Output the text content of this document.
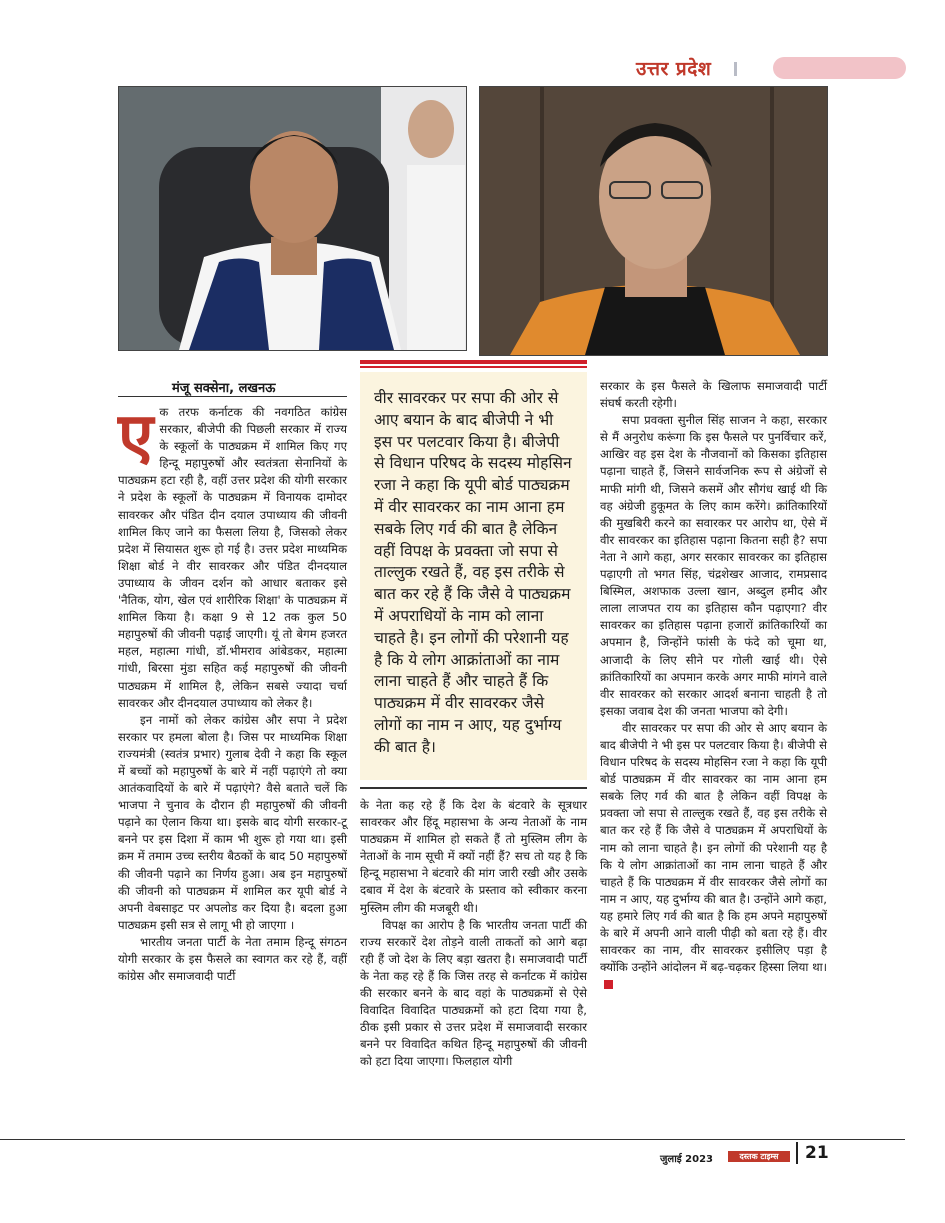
उत्तर प्रदेश
मंजू सक्सेना, लखनऊ

एक तरफ कर्नाटक की नवगठित कांग्रेस सरकार, बीजेपी की पिछली सरकार में राज्य के स्कूलों के पाठ्यक्रम में शामिल किए गए हिन्दू महापुरुषों और स्वतंत्रता सेनानियों के पाठ्यक्रम हटा रही है, वहीं उत्तर प्रदेश की योगी सरकार ने प्रदेश के स्कूलों के पाठ्यक्रम में विनायक दामोदर सावरकर और पंडित दीन दयाल उपाध्याय की जीवनी शामिल किए जाने का फैसला लिया है, जिसको लेकर प्रदेश में सियासत शुरू हो गई है। उत्तर प्रदेश माध्यमिक शिक्षा बोर्ड ने वीर सावरकर और पंडित दीनदयाल उपाध्याय के जीवन दर्शन को आधार बताकर इसे 'नैतिक, योग, खेल एवं शारीरिक शिक्षा' के पाठ्यक्रम में शामिल किया है। कक्षा 9 से 12 तक कुल 50 महापुरुषों की जीवनी पढ़ाई जाएगी। यूं तो बेगम हजरत महल, महात्मा गांधी, डॉ.भीमराव आंबेडकर, महात्मा गांधी, बिरसा मुंडा सहित कई महापुरुषों की जीवनी पाठ्यक्रम में शामिल है, लेकिन सबसे ज्यादा चर्चा सावरकर और दीनदयाल उपाध्याय को लेकर है।

इन नामों को लेकर कांग्रेस और सपा ने प्रदेश सरकार पर हमला बोला है। जिस पर माध्यमिक शिक्षा राज्यमंत्री (स्वतंत्र प्रभार) गुलाब देवी ने कहा कि स्कूल में बच्चों को महापुरुषों के बारे में नहीं पढ़ाएंगे तो क्या आतंकवादियों के बारे में पढ़ाएंगे? वैसे बताते चलें कि भाजपा ने चुनाव के दौरान ही महापुरुषों की जीवनी पढ़ाने का ऐलान किया था। इसके बाद योगी सरकार-टू बनने पर इस दिशा में काम भी शुरू हो गया था। इसी क्रम में तमाम उच्च स्तरीय बैठकों के बाद 50 महापुरुषों की जीवनी पढ़ाने का निर्णय हुआ। अब इन महापुरुषों की जीवनी को पाठ्यक्रम में शामिल कर यूपी बोर्ड ने अपनी वेबसाइट पर अपलोड कर दिया है। बदला हुआ पाठ्यक्रम इसी सत्र से लागू भी हो जाएगा ।

भारतीय जनता पार्टी के नेता तमाम हिन्दू संगठन योगी सरकार के इस फैसले का स्वागत कर रहे हैं, वहीं कांग्रेस और समाजवादी पार्टी

वीर सावरकर पर सपा की ओर से आए बयान के बाद बीजेपी ने भी इस पर पलटवार किया है। बीजेपी से विधान परिषद के सदस्य मोहसिन रजा ने कहा कि यूपी बोर्ड पाठ्यक्रम में वीर सावरकर का नाम आना हम सबके लिए गर्व की बात है लेकिन वहीं विपक्ष के प्रवक्ता जो सपा से ताल्लुक रखते हैं, वह इस तरीके से बात कर रहे हैं कि जैसे वे पाठ्यक्रम में अपराधियों के नाम को लाना चाहते है। इन लोगों की परेशानी यह है कि ये लोग आक्रांताओं का नाम लाना चाहते हैं और चाहते हैं कि पाठ्यक्रम में वीर सावरकर जैसे लोगों का नाम न आए, यह दुर्भाग्य की बात है।

के नेता कह रहे हैं कि देश के बंटवारे के सूत्रधार सावरकर और हिंदू महासभा के अन्य नेताओं के नाम पाठ्यक्रम में शामिल हो सकते हैं तो मुस्लिम लीग के नेताओं के नाम सूची में क्यों नहीं हैं? सच तो यह है कि हिन्दू महासभा ने बंटवारे की मांग जारी रखी और उसके दबाव में देश के बंटवारे के प्रस्ताव को स्वीकार करना मुस्लिम लीग की मजबूरी थी।

विपक्ष का आरोप है कि भारतीय जनता पार्टी की राज्य सरकारें देश तोड़ने वाली ताकतों को आगे बढ़ा रही हैं जो देश के लिए बड़ा खतरा है। समाजवादी पार्टी के नेता कह रहे हैं कि जिस तरह से कर्नाटक में कांग्रेस की सरकार बनने के बाद वहां के पाठ्यक्रमों से ऐसे विवादित विवादित पाठ्यक्रमों को हटा दिया गया है, ठीक इसी प्रकार से उत्तर प्रदेश में समाजवादी सरकार बनने पर विवादित कथित हिन्दू महापुरुषों की जीवनी को हटा दिया जाएगा। फिलहाल योगी

सरकार के इस फैसले के खिलाफ समाजवादी पार्टी संघर्ष करती रहेगी।

सपा प्रवक्ता सुनील सिंह साजन ने कहा, सरकार से मैं अनुरोध करूंगा कि इस फैसले पर पुनर्विचार करें, आखिर वह इस देश के नौजवानों को किसका इतिहास पढ़ाना चाहते हैं, जिसने सार्वजनिक रूप से अंग्रेजों से माफी मांगी थी, जिसने कसमें और सौगंध खाई थी कि वह अंग्रेजी हुकूमत के लिए काम करेंगे। क्रांतिकारियों की मुखबिरी करने का सवारकर पर आरोप था, ऐसे में वीर सावरकर का इतिहास पढ़ाना कितना सही है? सपा नेता ने आगे कहा, अगर सरकार सावरकर का इतिहास पढ़ाएगी तो भगत सिंह, चंद्रशेखर आजाद, रामप्रसाद बिस्मिल, अशफाक उल्ला खान, अब्दुल हमीद और लाला लाजपत राय का इतिहास कौन पढ़ाएगा? वीर सावरकर का इतिहास पढ़ाना हजारों क्रांतिकारियों का अपमान है, जिन्होंने फांसी के फंदे को चूमा था, आजादी के लिए सीने पर गोली खाई थी। ऐसे क्रांतिकारियों का अपमान करके अगर माफी मांगने वाले वीर सावरकर को सरकार आदर्श बनाना चाहती है तो इसका जवाब देश की जनता भाजपा को देगी।

वीर सावरकर पर सपा की ओर से आए बयान के बाद बीजेपी ने भी इस पर पलटवार किया है। बीजेपी से विधान परिषद के सदस्य मोहसिन रजा ने कहा कि यूपी बोर्ड पाठ्यक्रम में वीर सावरकर का नाम आना हम सबके लिए गर्व की बात है लेकिन वहीं विपक्ष के प्रवक्ता जो सपा से ताल्लुक रखते हैं, वह इस तरीके से बात कर रहे हैं कि जैसे वे पाठ्यक्रम में अपराधियों के नाम को लाना चाहते है। इन लोगों की परेशानी यह है कि ये लोग आक्रांताओं का नाम लाना चाहते हैं और चाहते हैं कि पाठ्यक्रम में वीर सावरकर जैसे लोगों का नाम न आए, यह दुर्भाग्य की बात है। उन्होंने आगे कहा, यह हमारे लिए गर्व की बात है कि हम अपने महापुरुषों के बारे में अपनी आने वाली पीढ़ी को बता रहे हैं। वीर सावरकर का नाम, वीर सावरकर इसीलिए पड़ा है क्योंकि उन्होंने आंदोलन में बढ़-चढ़कर हिस्सा लिया था।

जुलाई 2023	दस्तक टाइम्स	21
